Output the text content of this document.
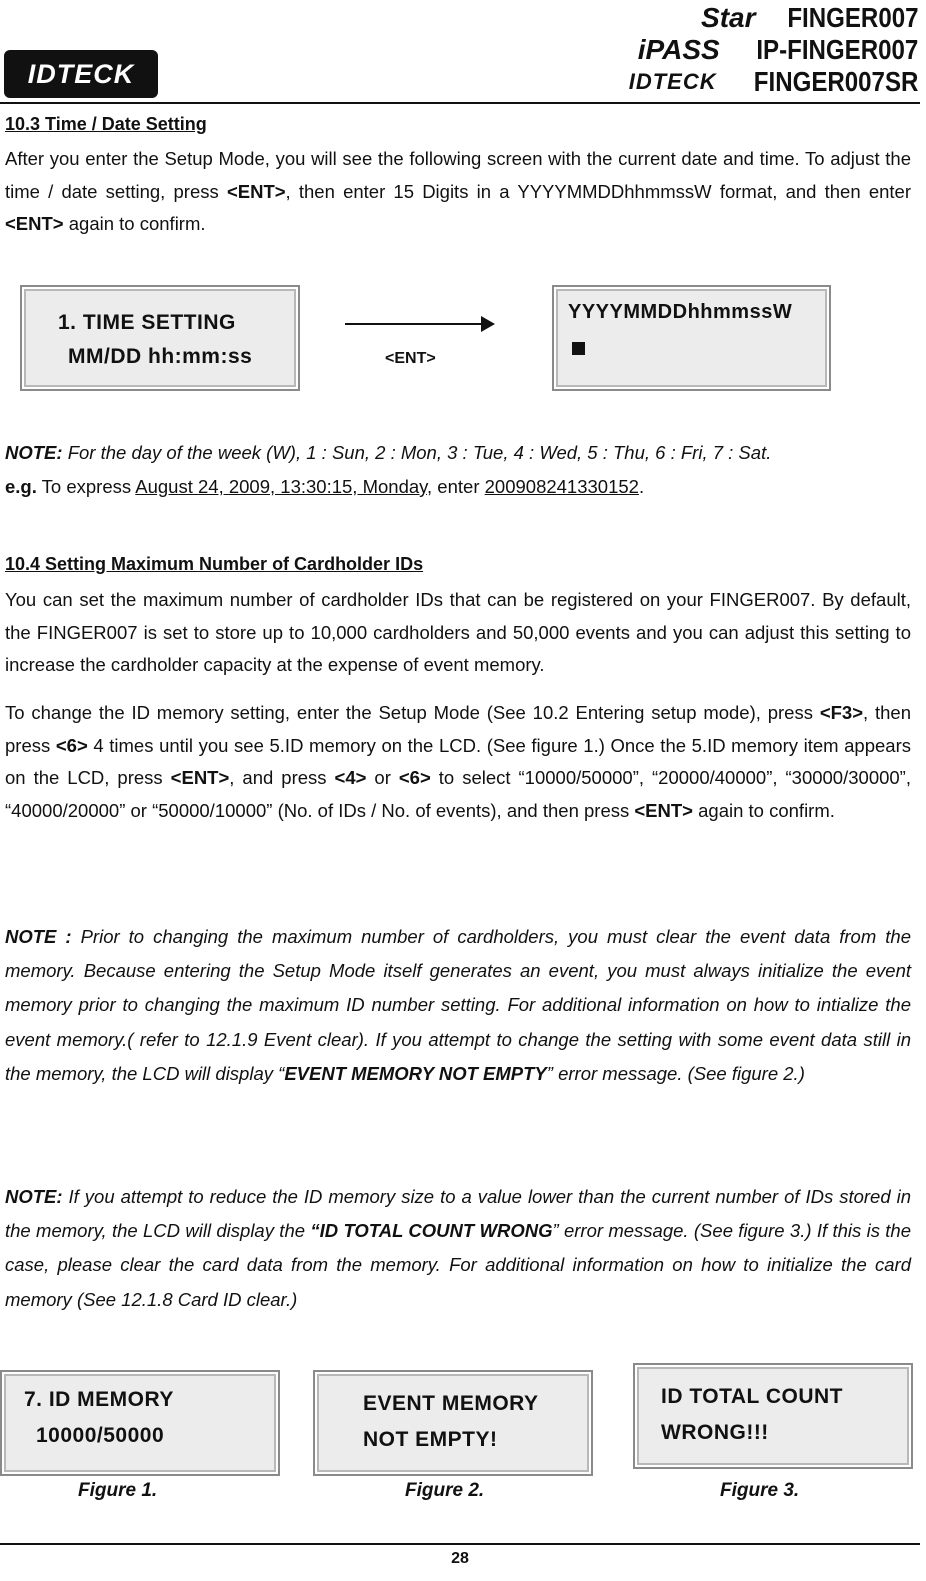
IDTECK
Star FINGER007
iPASS IP-FINGER007
IDTECK FINGER007SR
10.3 Time / Date Setting

After you enter the Setup Mode, you will see the following screen with the current date and time. To adjust the time / date setting, press <ENT>, then enter 15 Digits in a YYYYMMDDhhmmssW format, and then enter <ENT> again to confirm.

1. TIME SETTING
MM/DD hh:mm:ss	<ENT>
YYYYMMDDhhmmssW

NOTE: For the day of the week (W), 1 : Sun, 2 : Mon, 3 : Tue, 4 : Wed, 5 : Thu, 6 : Fri, 7 : Sat.

e.g. To express August 24, 2009, 13:30:15, Monday, enter 200908241330152.

10.4 Setting Maximum Number of Cardholder IDs

You can set the maximum number of cardholder IDs that can be registered on your FINGER007. By default, the FINGER007 is set to store up to 10,000 cardholders and 50,000 events and you can adjust this setting to increase the cardholder capacity at the expense of event memory.

To change the ID memory setting, enter the Setup Mode (See 10.2 Entering setup mode), press <F3>, then press <6> 4 times until you see 5.ID memory on the LCD. (See figure 1.) Once the 5.ID memory item appears on the LCD, press <ENT>, and press <4> or <6> to select “10000/50000”, “20000/40000”, “30000/30000”, “40000/20000” or “50000/10000” (No. of IDs / No. of events), and then press <ENT> again to confirm.

NOTE : Prior to changing the maximum number of cardholders, you must clear the event data from the memory. Because entering the Setup Mode itself generates an event, you must always initialize the event memory prior to changing the maximum ID number setting. For additional information on how to intialize the event memory.( refer to 12.1.9 Event clear). If you attempt to change the setting with some event data still in the memory, the LCD will display “EVENT MEMORY NOT EMPTY” error message. (See figure 2.)

NOTE: If you attempt to reduce the ID memory size to a value lower than the current number of IDs stored in the memory, the LCD will display the “ID TOTAL COUNT WRONG” error message. (See figure 3.) If this is the case, please clear the card data from the memory. For additional information on how to initialize the card memory (See 12.1.8 Card ID clear.)

7. ID MEMORY
10000/50000
EVENT MEMORY
NOT EMPTY!
ID TOTAL COUNT
WRONG!!!
Figure 1.	Figure 2.	Figure 3.
28
